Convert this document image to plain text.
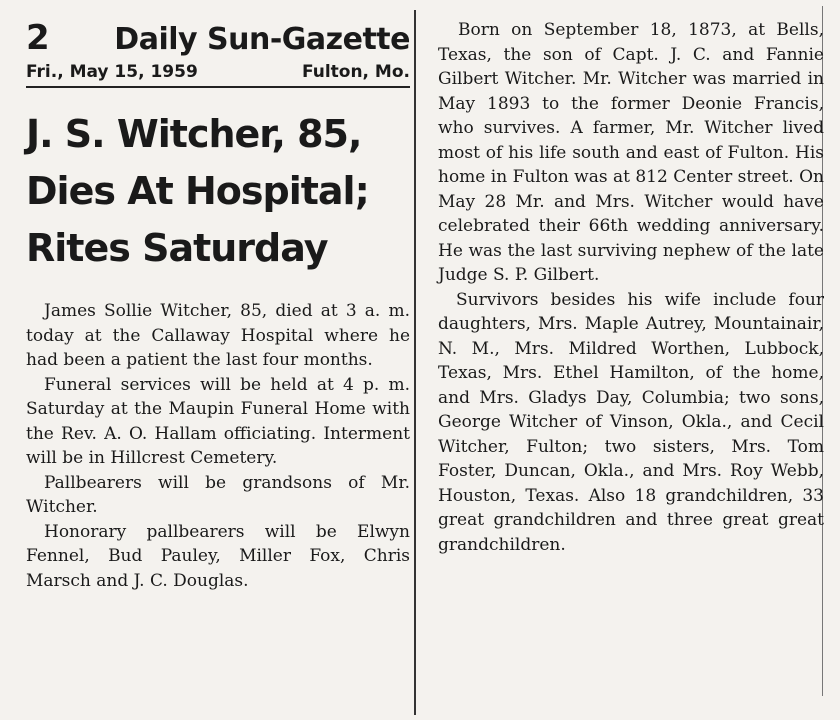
2 Daily Sun-Gazette
Fri., May 15, 1959	Fulton, Mo.
J. S. Witcher, 85,
Dies At Hospital;
Rites Saturday

James Sollie Witcher, 85, died at 3 a. m. today at the Callaway Hospital where he had been a patient the last four months.

Funeral services will be held at 4 p. m. Saturday at the Maupin Funeral Home with the Rev. A. O. Hallam officiating. Interment will be in Hillcrest Cemetery.

Pallbearers will be grandsons of Mr. Witcher.

Honorary pallbearers will be Elwyn Fennel, Bud Pauley, Miller Fox, Chris Marsch and J. C. Douglas.

Born on September 18, 1873, at Bells, Texas, the son of Capt. J. C. and Fannie Gilbert Witcher. Mr. Witcher was married in May 1893 to the former Deonie Francis, who survives. A farmer, Mr. Witcher lived most of his life south and east of Fulton. His home in Fulton was at 812 Center street. On May 28 Mr. and Mrs. Witcher would have celebrated their 66th wedding anniversary. He was the last surviving nephew of the late Judge S. P. Gilbert.

Survivors besides his wife include four daughters, Mrs. Maple Autrey, Mountainair, N. M., Mrs. Mildred Worthen, Lubbock, Texas, Mrs. Ethel Hamilton, of the home, and Mrs. Gladys Day, Columbia; two sons, George Witcher of Vinson, Okla., and Cecil Witcher, Fulton; two sisters, Mrs. Tom Foster, Duncan, Okla., and Mrs. Roy Webb, Houston, Texas. Also 18 grandchildren, 33 great grandchildren and three great great grandchildren.
